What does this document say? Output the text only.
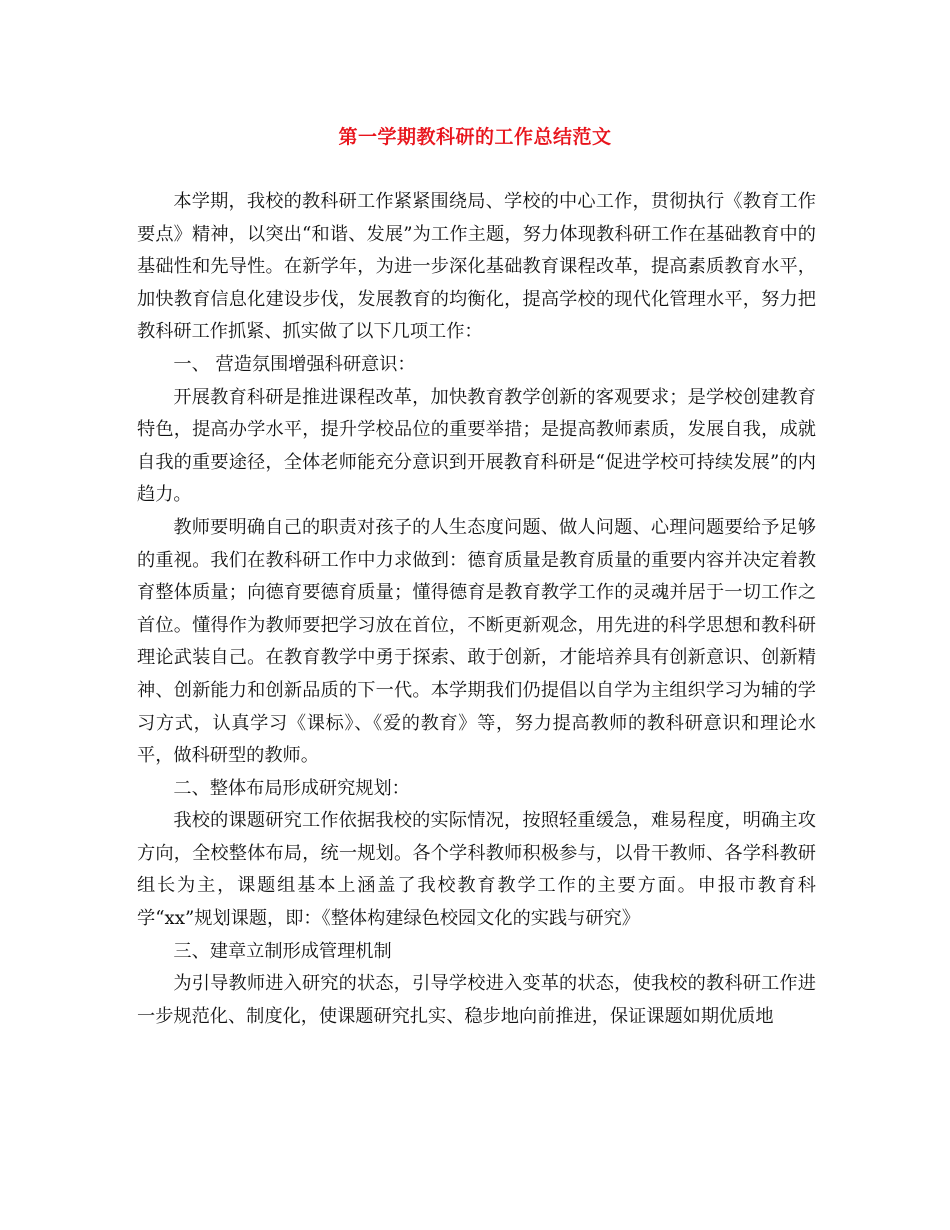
第一学期教科研的工作总结范文

本学期，我校的教科研工作紧紧围绕局、学校的中心工作，贯彻执行《教育工作要点》精神，以突出“和谐、发展”为工作主题，努力体现教科研工作在基础教育中的基础性和先导性。在新学年，为进一步深化基础教育课程改革，提高素质教育水平，加快教育信息化建设步伐，发展教育的均衡化，提高学校的现代化管理水平，努力把教科研工作抓紧、抓实做了以下几项工作：

一、 营造氛围增强科研意识：

开展教育科研是推进课程改革，加快教育教学创新的客观要求；是学校创建教育特色，提高办学水平，提升学校品位的重要举措；是提高教师素质，发展自我，成就自我的重要途径，全体老师能充分意识到开展教育科研是“促进学校可持续发展”的内趋力。

教师要明确自己的职责对孩子的人生态度问题、做人问题、心理问题要给予足够的重视。我们在教科研工作中力求做到：德育质量是教育质量的重要内容并决定着教育整体质量；向德育要德育质量；懂得德育是教育教学工作的灵魂并居于一切工作之首位。懂得作为教师要把学习放在首位，不断更新观念，用先进的科学思想和教科研理论武装自己。在教育教学中勇于探索、敢于创新，才能培养具有创新意识、创新精神、创新能力和创新品质的下一代。本学期我们仍提倡以自学为主组织学习为辅的学习方式，认真学习《课标》、《爱的教育》等，努力提高教师的教科研意识和理论水平，做科研型的教师。

二、整体布局形成研究规划：

我校的课题研究工作依据我校的实际情况，按照轻重缓急，难易程度，明确主攻方向，全校整体布局，统一规划。各个学科教师积极参与，以骨干教师、各学科教研组长为主，课题组基本上涵盖了我校教育教学工作的主要方面。申报市教育科学“xx”规划课题，即：《整体构建绿色校园文化的实践与研究》

三、建章立制形成管理机制

为引导教师进入研究的状态，引导学校进入变革的状态，使我校的教科研工作进一步规范化、制度化，使课题研究扎实、稳步地向前推进，保证课题如期优质地
